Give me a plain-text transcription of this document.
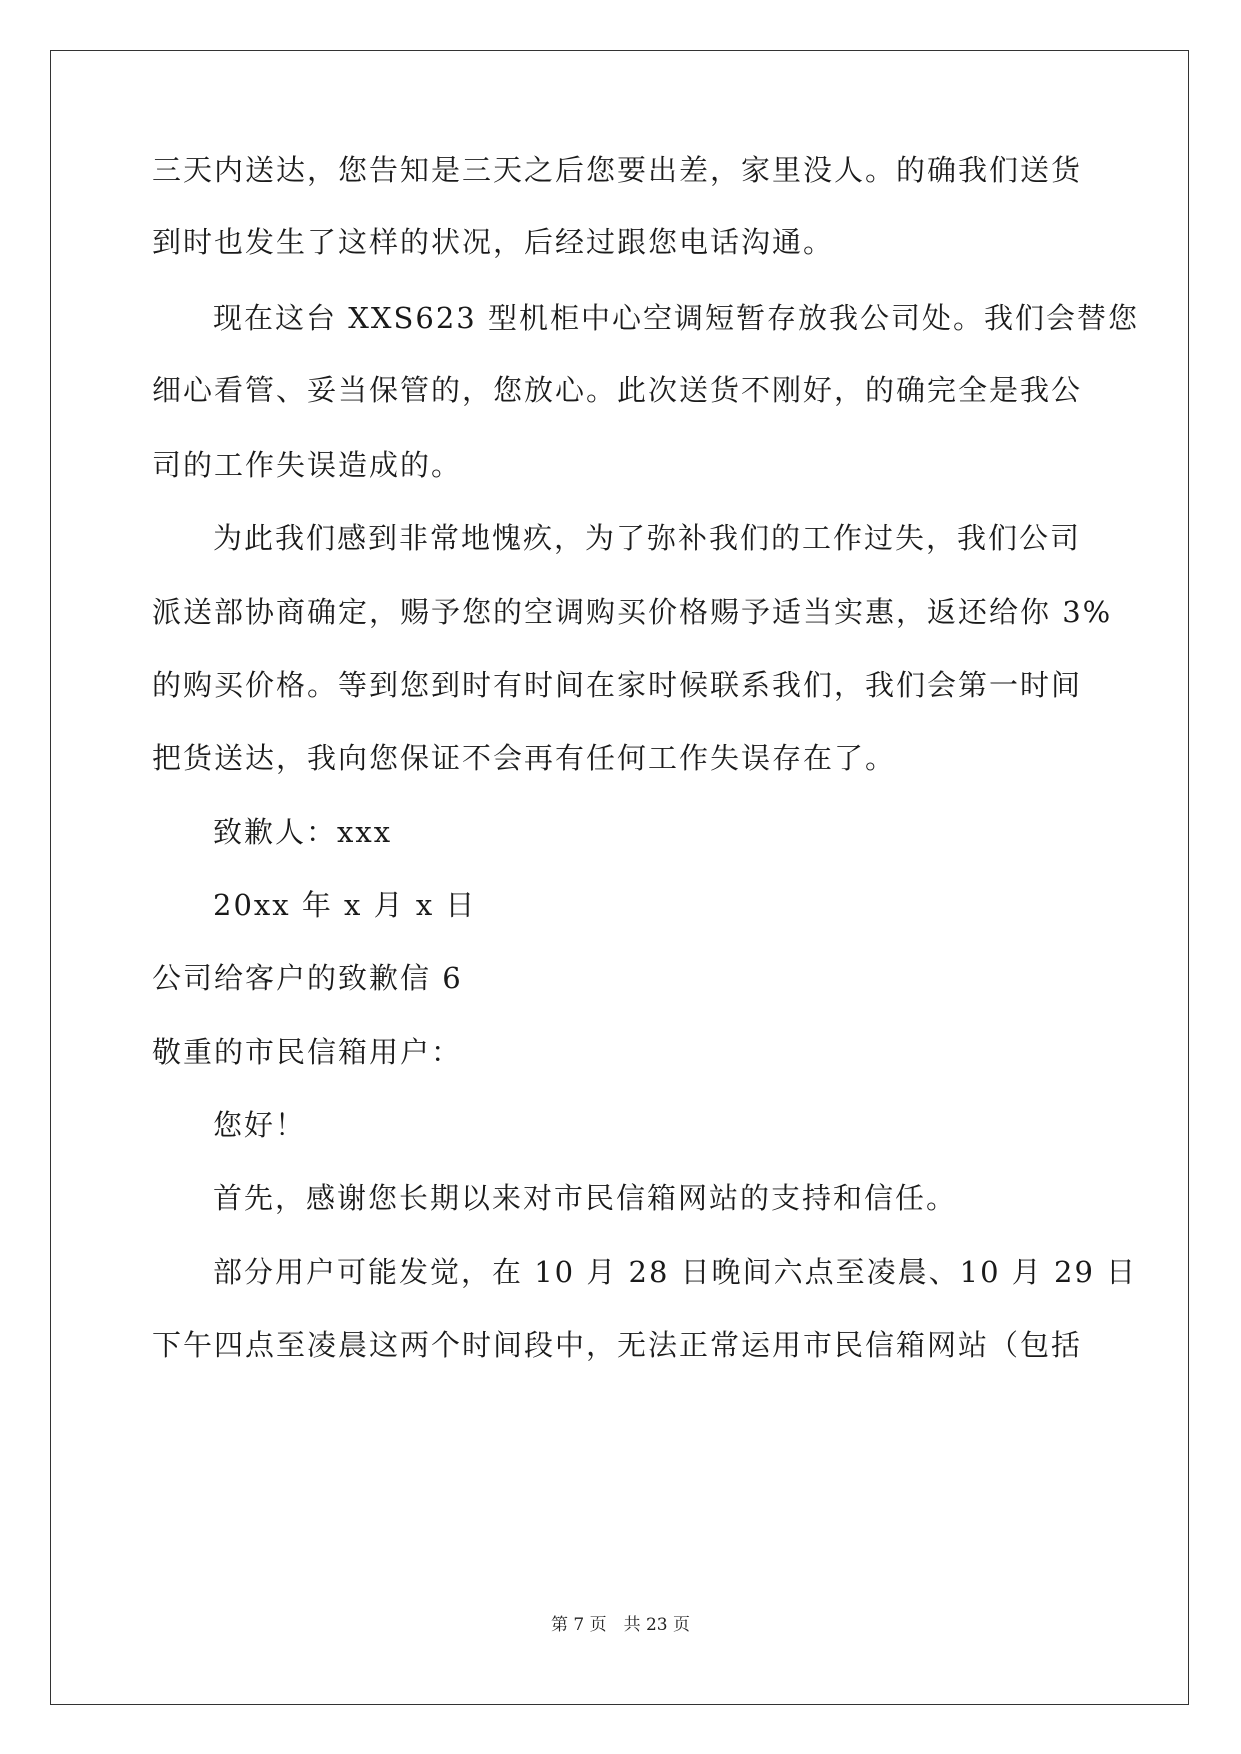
三天内送达，您告知是三天之后您要出差，家里没人。的确我们送货
到时也发生了这样的状况，后经过跟您电话沟通。
现在这台 XXS623 型机柜中心空调短暂存放我公司处。我们会替您
细心看管、妥当保管的，您放心。此次送货不刚好，的确完全是我公
司的工作失误造成的。
为此我们感到非常地愧疚，为了弥补我们的工作过失，我们公司
派送部协商确定，赐予您的空调购买价格赐予适当实惠，返还给你 3%
的购买价格。等到您到时有时间在家时候联系我们，我们会第一时间
把货送达，我向您保证不会再有任何工作失误存在了。
致歉人：xxx
20xx 年 x 月 x 日
公司给客户的致歉信 6
敬重的市民信箱用户：
您好！
首先，感谢您长期以来对市民信箱网站的支持和信任。
部分用户可能发觉，在 10 月 28 日晚间六点至凌晨、10 月 29 日
下午四点至凌晨这两个时间段中，无法正常运用市民信箱网站（包括
第 7 页　共 23 页
